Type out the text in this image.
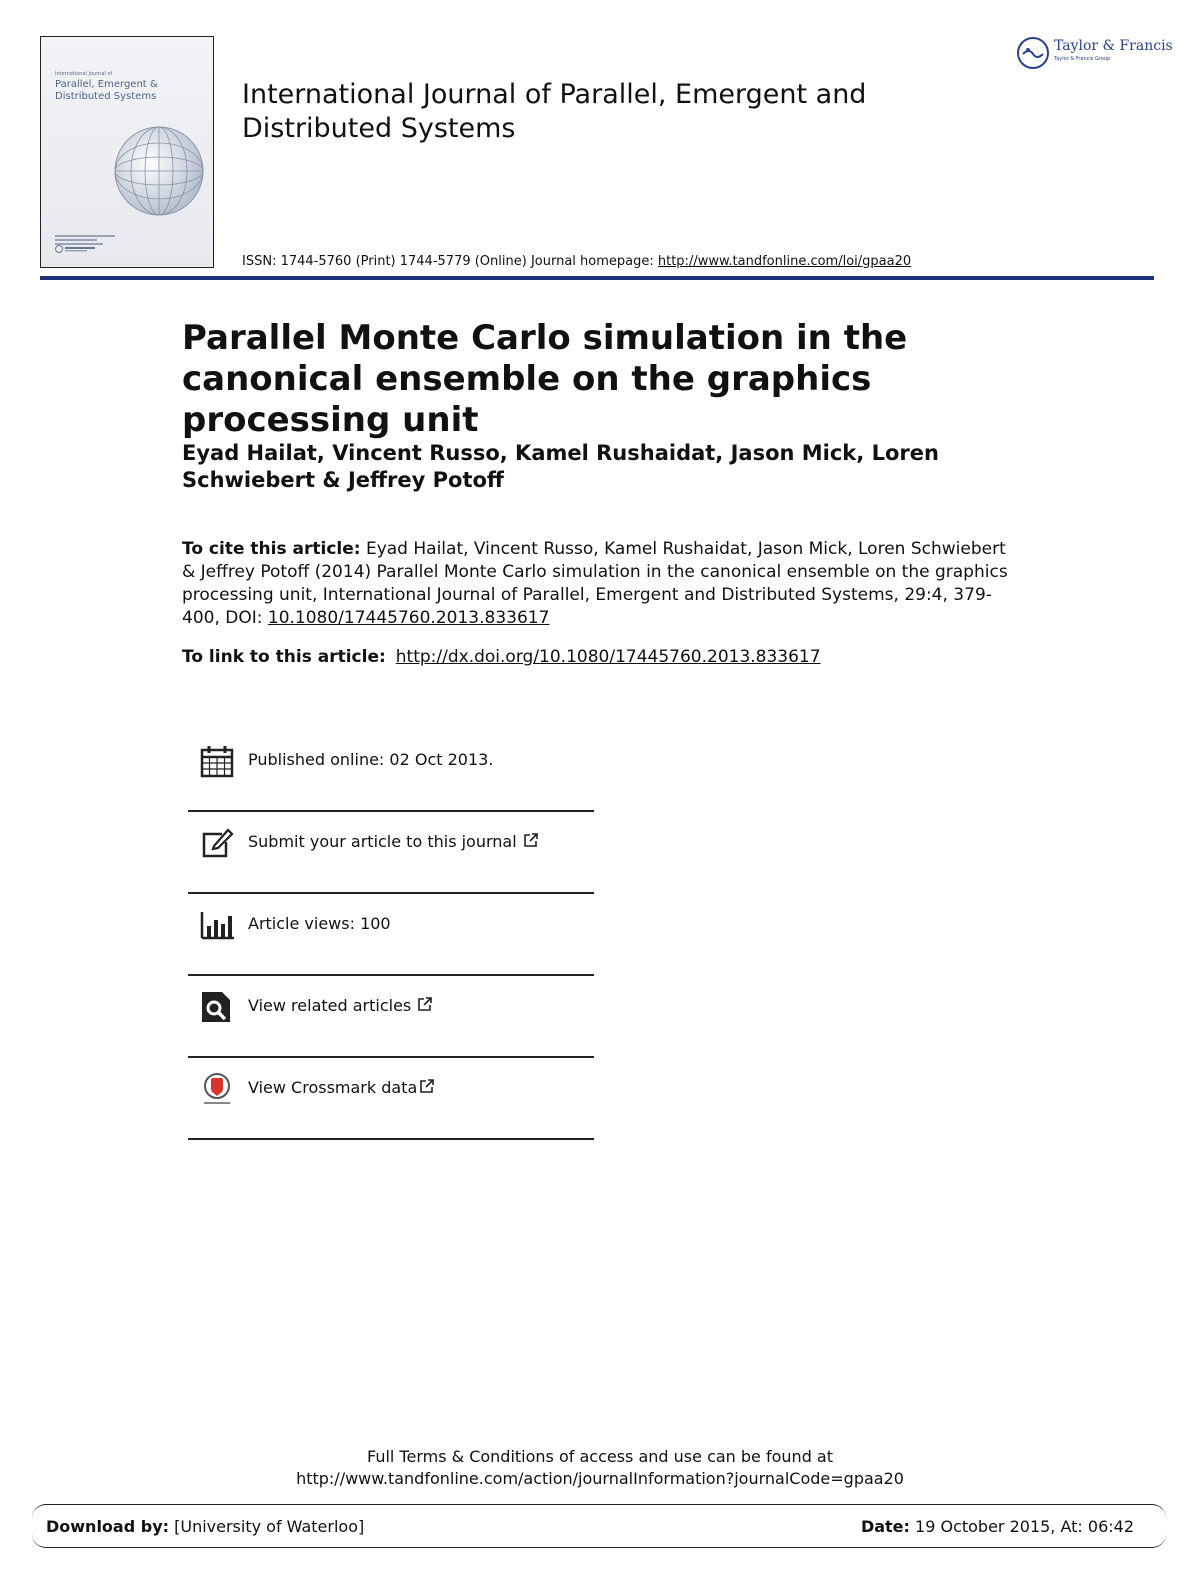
International Journal of
Parallel, Emergent & Distributed Systems	International Journal of Parallel, Emergent and Distributed Systems
ISSN: 1744-5760 (Print) 1744-5779 (Online) Journal homepage: http://www.tandfonline.com/loi/gpaa20
Taylor & Francis
Taylor & Francis Group
Parallel Monte Carlo simulation in the canonical ensemble on the graphics processing unit
Eyad Hailat, Vincent Russo, Kamel Rushaidat, Jason Mick, Loren Schwiebert & Jeffrey Potoff
To cite this article: Eyad Hailat, Vincent Russo, Kamel Rushaidat, Jason Mick, Loren Schwiebert & Jeffrey Potoff (2014) Parallel Monte Carlo simulation in the canonical ensemble on the graphics processing unit, International Journal of Parallel, Emergent and Distributed Systems, 29:4, 379-400, DOI: 10.1080/17445760.2013.833617
To link to this article: http://dx.doi.org/10.1080/17445760.2013.833617
Published online: 02 Oct 2013.
Submit your article to this journal
Article views: 100
View related articles
View Crossmark data
Full Terms & Conditions of access and use can be found at
http://www.tandfonline.com/action/journalInformation?journalCode=gpaa20
Download by: [University of Waterloo]	Date: 19 October 2015, At: 06:42
